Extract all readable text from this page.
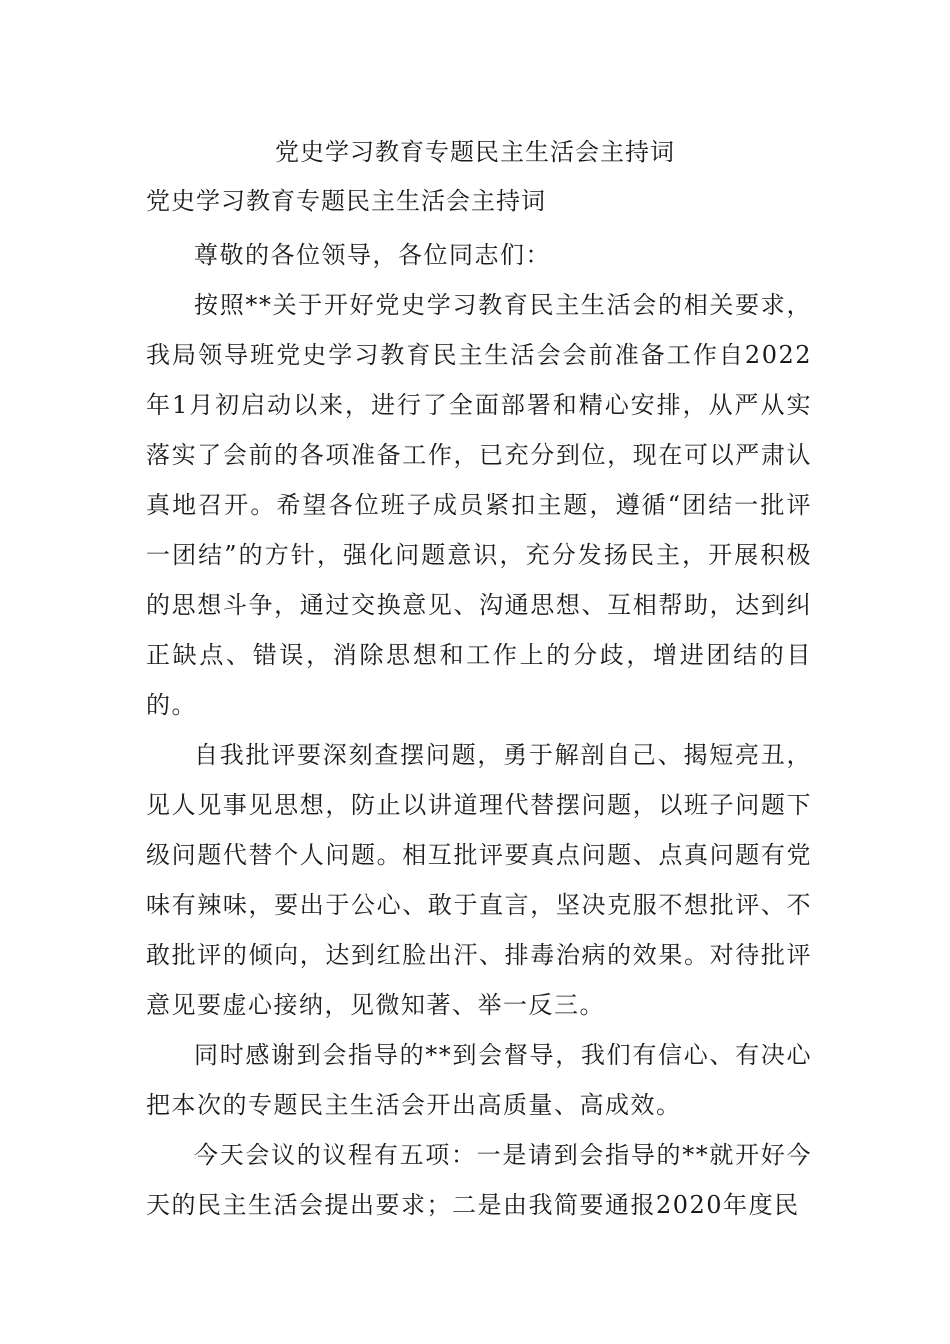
党史学习教育专题民主生活会主持词
党史学习教育专题民主生活会主持词

尊敬的各位领导，各位同志们：

按照**关于开好党史学习教育民主生活会的相关要求，我局领导班党史学习教育民主生活会会前准备工作自2022年1月初启动以来，进行了全面部署和精心安排，从严从实落实了会前的各项准备工作，已充分到位，现在可以严肃认真地召开。希望各位班子成员紧扣主题，遵循“团结一批评一团结”的方针，强化问题意识，充分发扬民主，开展积极的思想斗争，通过交换意见、沟通思想、互相帮助，达到纠正缺点、错误，消除思想和工作上的分歧，增进团结的目的。

自我批评要深刻查摆问题，勇于解剖自己、揭短亮丑，见人见事见思想，防止以讲道理代替摆问题，以班子问题下级问题代替个人问题。相互批评要真点问题、点真问题有党味有辣味，要出于公心、敢于直言，坚决克服不想批评、不敢批评的倾向，达到红脸出汗、排毒治病的效果。对待批评意见要虚心接纳，见微知著、举一反三。

同时感谢到会指导的**到会督导，我们有信心、有决心把本次的专题民主生活会开出高质量、高成效。

今天会议的议程有五项：一是请到会指导的**就开好今天的民主生活会提出要求；二是由我简要通报2020年度民
